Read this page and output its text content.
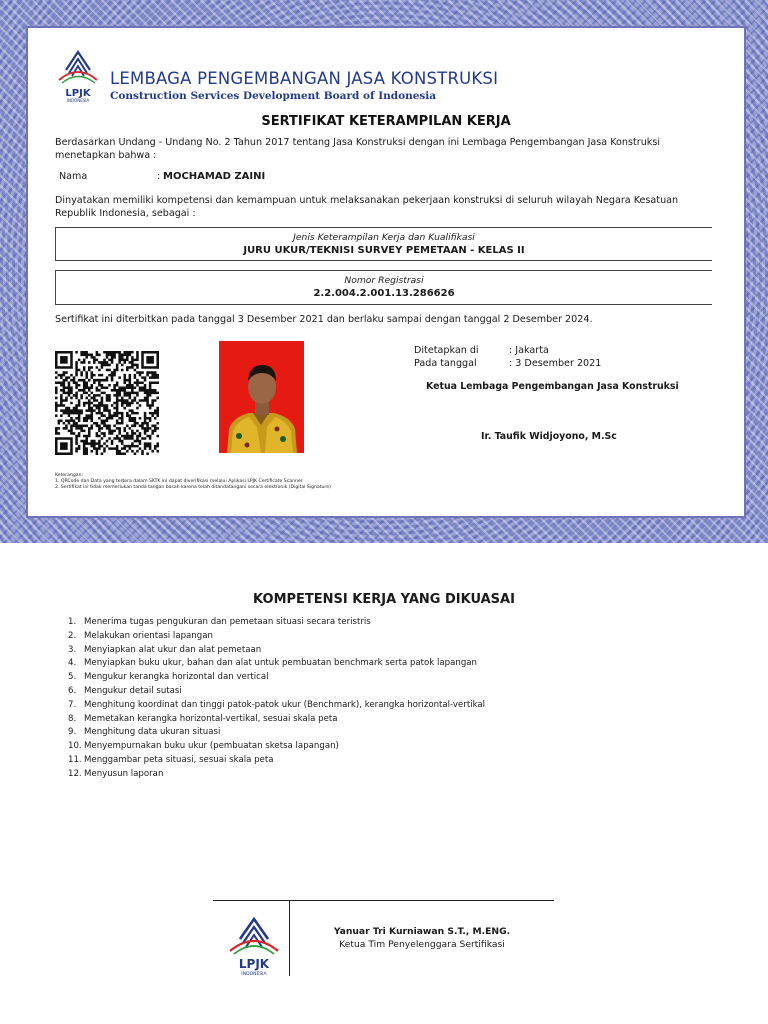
LPJK
INDONESIA
LEMBAGA PENGEMBANGAN JASA KONSTRUKSI
Construction Services Development Board of Indonesia
SERTIFIKAT KETERAMPILAN KERJA
Berdasarkan Undang - Undang No. 2 Tahun 2017 tentang Jasa Konstruksi dengan ini Lembaga Pengembangan Jasa Konstruksi menetapkan bahwa :
Nama	: MOCHAMAD ZAINI
Dinyatakan memiliki kompetensi dan kemampuan untuk melaksanakan pekerjaan konstruksi di seluruh wilayah Negara Kesatuan Republik Indonesia, sebagai :
Jenis Keterampilan Kerja dan Kualifikasi
JURU UKUR/TEKNISI SURVEY PEMETAAN - KELAS II
Nomor Registrasi
2.2.004.2.001.13.286626
Sertifikat ini diterbitkan pada tanggal 3 Desember 2021 dan berlaku sampai dengan tanggal 2 Desember 2024.
Ditetapkan di	: Jakarta
Pada tanggal	: 3 Desember 2021
Ketua Lembaga Pengembangan Jasa Konstruksi
Ir. Taufik Widjoyono, M.Sc
Keterangan:
1. QRCode dan Data yang tertera dalam SKTK ini dapat diverifikasi melalui Aplikasi LPJK Certificate Scanner
2. Sertifikat ini tidak memerlukan tanda tangan basah karena telah ditandatangani secara elektronik (Digital Signature)
KOMPETENSI KERJA YANG DIKUASAI
1. Menerima tugas pengukuran dan pemetaan situasi secara teristris
2. Melakukan orientasi lapangan
3. Menyiapkan alat ukur dan alat pemetaan
4. Menyiapkan buku ukur, bahan dan alat untuk pembuatan benchmark serta patok lapangan
5. Mengukur kerangka horizontal dan vertical
6. Mengukur detail sutasi
7. Menghitung koordinat dan tinggi patok-patok ukur (Benchmark), kerangka horizontal-vertikal
8. Memetakan kerangka horizontal-vertikal, sesuai skala peta
9. Menghitung data ukuran situasi
10. Menyempurnakan buku ukur (pembuatan sketsa lapangan)
11. Menggambar peta situasi, sesuai skala peta
12. Menyusun laporan
LPJK
INDONESIA
Yanuar Tri Kurniawan S.T., M.ENG.
Ketua Tim Penyelenggara Sertifikasi
